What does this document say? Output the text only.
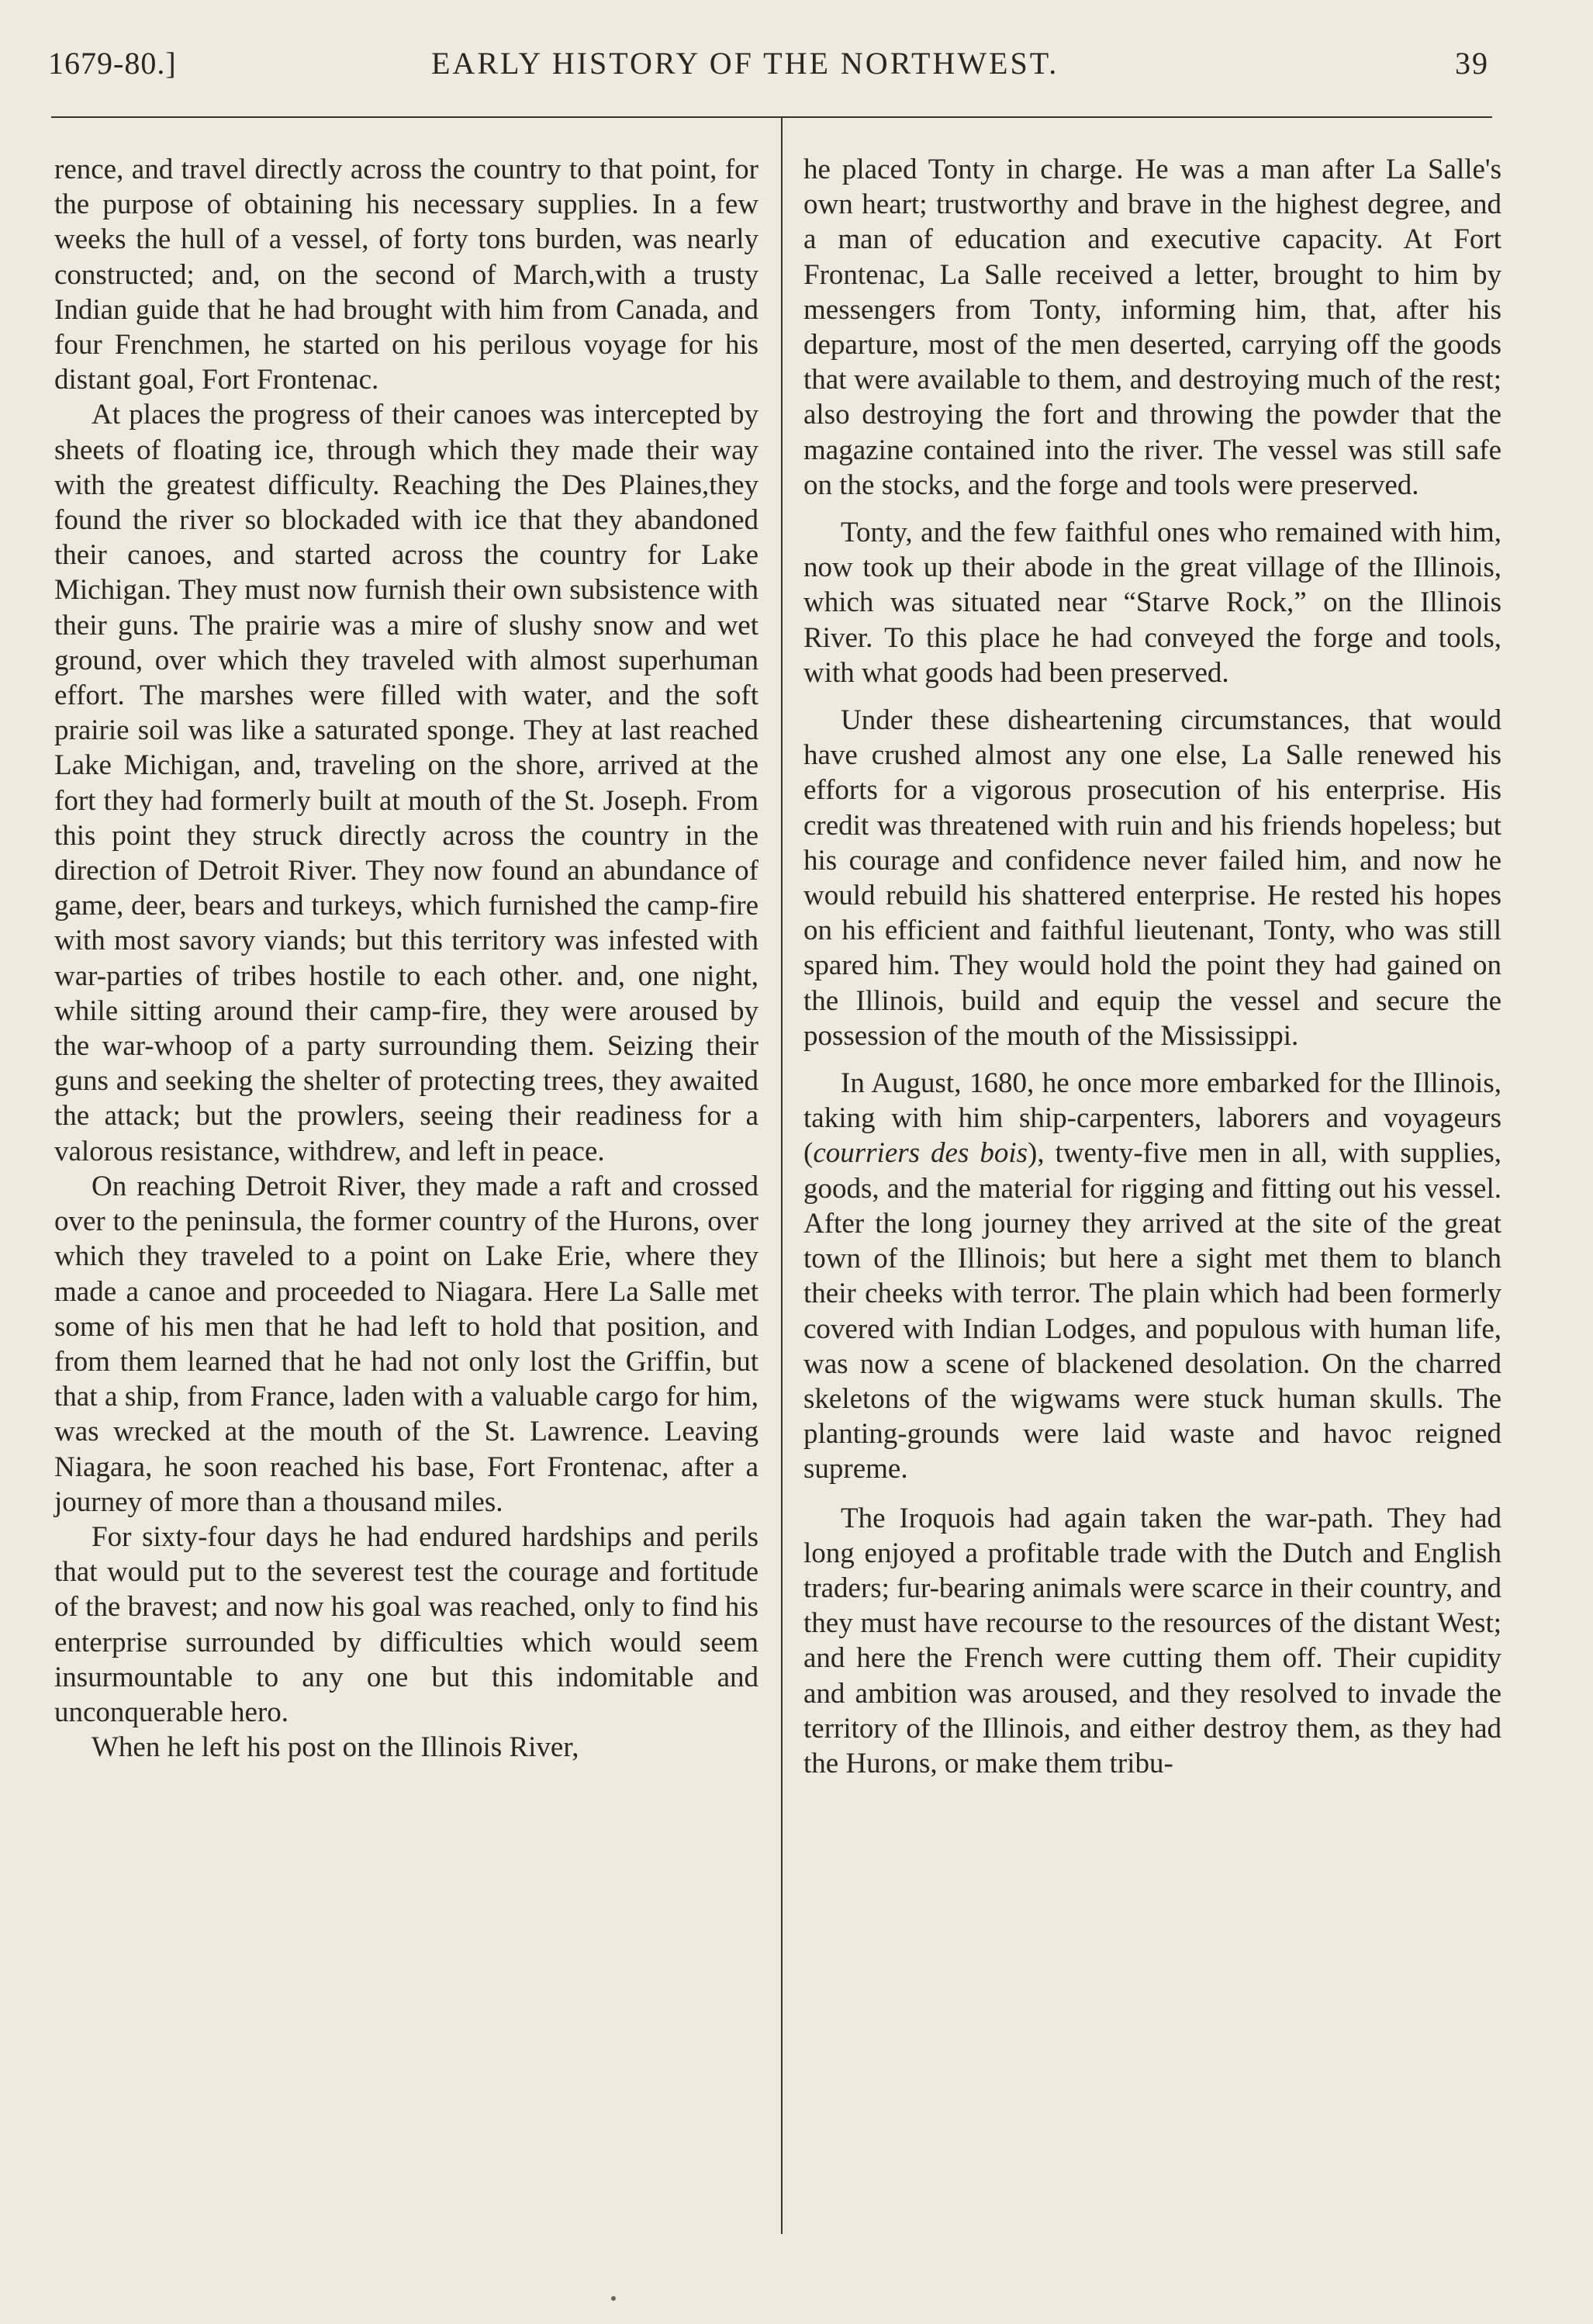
1679-80.]	EARLY HISTORY OF THE NORTHWEST.	39

rence, and travel directly across the country to that point, for the purpose of obtaining his necessary supplies. In a few weeks the hull of a vessel, of forty tons burden, was nearly constructed; and, on the second of March,with a trusty Indian guide that he had brought with him from Canada, and four Frenchmen, he started on his perilous voyage for his distant goal, Fort Frontenac.

At places the progress of their canoes was intercepted by sheets of floating ice, through which they made their way with the greatest difficulty. Reaching the Des Plaines,they found the river so blockaded with ice that they abandoned their canoes, and started across the country for Lake Michigan. They must now furnish their own subsistence with their guns. The prairie was a mire of slushy snow and wet ground, over which they traveled with almost superhuman effort. The marshes were filled with water, and the soft prairie soil was like a saturated sponge. They at last reached Lake Michigan, and, traveling on the shore, arrived at the fort they had formerly built at mouth of the St. Joseph. From this point they struck directly across the country in the direction of Detroit River. They now found an abundance of game, deer, bears and turkeys, which furnished the camp-fire with most savory viands; but this territory was infested with war-parties of tribes hostile to each other. and, one night, while sitting around their camp-fire, they were aroused by the war-whoop of a party surrounding them. Seizing their guns and seeking the shelter of protecting trees, they awaited the attack; but the prowlers, seeing their readiness for a valorous resistance, withdrew, and left in peace.

On reaching Detroit River, they made a raft and crossed over to the peninsula, the former country of the Hurons, over which they traveled to a point on Lake Erie, where they made a canoe and proceeded to Niagara. Here La Salle met some of his men that he had left to hold that position, and from them learned that he had not only lost the Griffin, but that a ship, from France, laden with a valuable cargo for him, was wrecked at the mouth of the St. Lawrence. Leaving Niagara, he soon reached his base, Fort Frontenac, after a journey of more than a thousand miles.

For sixty-four days he had endured hardships and perils that would put to the severest test the courage and fortitude of the bravest; and now his goal was reached, only to find his enterprise surrounded by difficulties which would seem insurmountable to any one but this indomitable and unconquerable hero.

When he left his post on the Illinois River,

he placed Tonty in charge. He was a man after La Salle's own heart; trustworthy and brave in the highest degree, and a man of education and executive capacity. At Fort Frontenac, La Salle received a letter, brought to him by messengers from Tonty, informing him, that, after his departure, most of the men deserted, carrying off the goods that were available to them, and destroying much of the rest; also destroying the fort and throwing the powder that the magazine contained into the river. The vessel was still safe on the stocks, and the forge and tools were preserved.

Tonty, and the few faithful ones who remained with him, now took up their abode in the great village of the Illinois, which was situated near “Starve Rock,” on the Illinois River. To this place he had conveyed the forge and tools, with what goods had been preserved.

Under these disheartening circumstances, that would have crushed almost any one else, La Salle renewed his efforts for a vigorous prosecution of his enterprise. His credit was threatened with ruin and his friends hopeless; but his courage and confidence never failed him, and now he would rebuild his shattered enterprise. He rested his hopes on his efficient and faithful lieutenant, Tonty, who was still spared him. They would hold the point they had gained on the Illinois, build and equip the vessel and secure the possession of the mouth of the Mississippi.

In August, 1680, he once more embarked for the Illinois, taking with him ship-carpenters, laborers and voyageurs (courriers des bois), twenty-five men in all, with supplies, goods, and the material for rigging and fitting out his vessel. After the long journey they arrived at the site of the great town of the Illinois; but here a sight met them to blanch their cheeks with terror. The plain which had been formerly covered with Indian Lodges, and populous with human life, was now a scene of blackened desolation. On the charred skeletons of the wigwams were stuck human skulls. The planting-grounds were laid waste and havoc reigned supreme.

The Iroquois had again taken the war-path. They had long enjoyed a profitable trade with the Dutch and English traders; fur-bearing animals were scarce in their country, and they must have recourse to the resources of the distant West; and here the French were cutting them off. Their cupidity and ambition was aroused, and they resolved to invade the territory of the Illinois, and either destroy them, as they had the Hurons, or make them tribu-
